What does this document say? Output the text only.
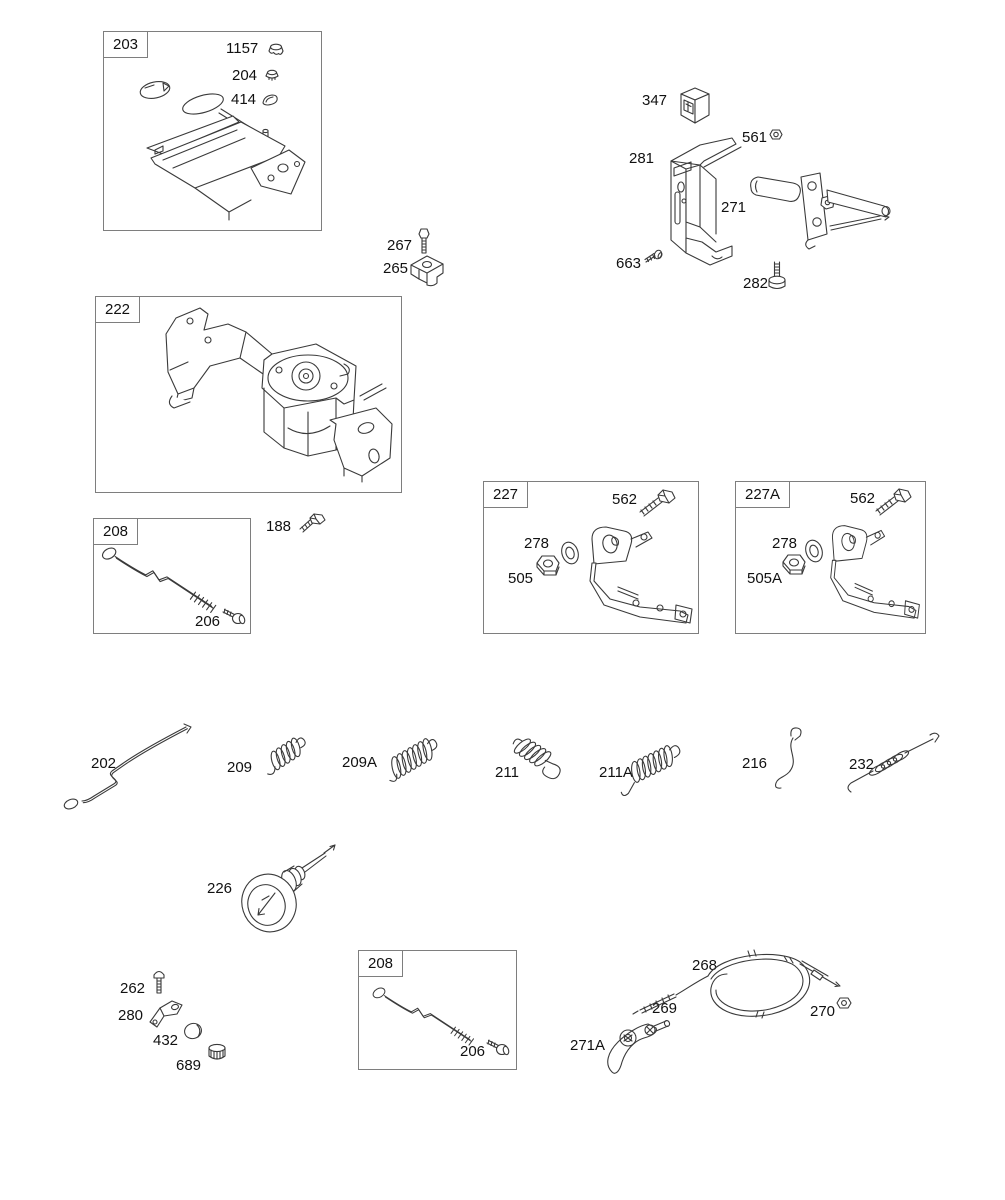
203
222
208
227	227A
208
1157
204
414
267
265
347
561
281
271
663
282
206
188
562
278
505
562
278
505A
202	209	209A
211	211A
216	232
226
262
280
432
689
206
268
269	270
271A
